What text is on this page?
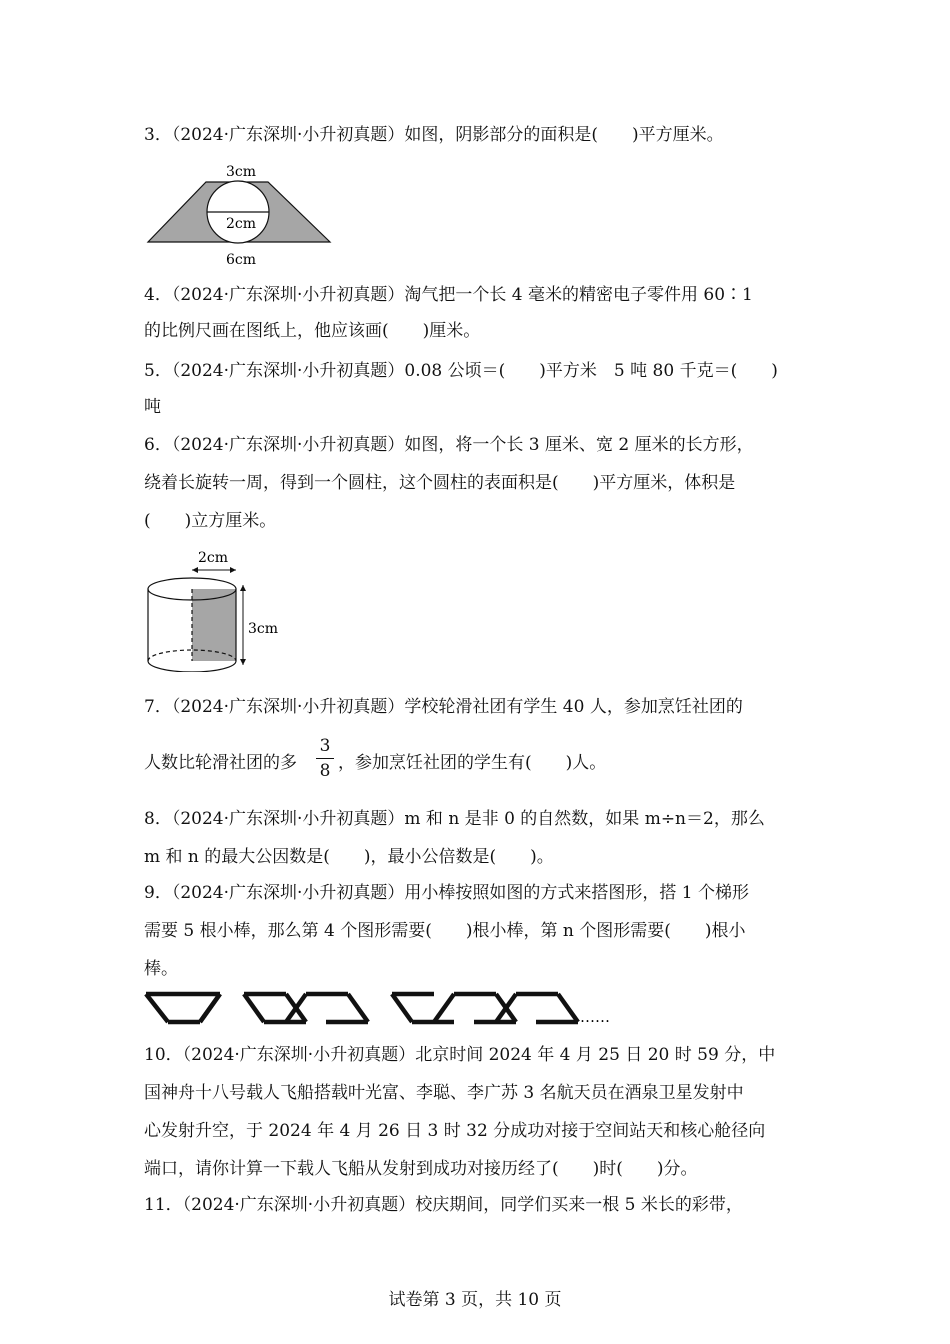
3．（2024·广东深圳·小升初真题）如图，阴影部分的面积是(　　)平方厘米。
3cm
2cm
6cm
4．（2024·广东深圳·小升初真题）淘气把一个长 4 毫米的精密电子零件用 60∶1
的比例尺画在图纸上，他应该画(　　)厘米。
5．（2024·广东深圳·小升初真题）0.08 公顷＝(　　)平方米　5 吨 80 千克＝(　　)
吨
6．（2024·广东深圳·小升初真题）如图，将一个长 3 厘米、宽 2 厘米的长方形，
绕着长旋转一周，得到一个圆柱，这个圆柱的表面积是(　　)平方厘米，体积是
(　　)立方厘米。
2cm
3cm
7．（2024·广东深圳·小升初真题）学校轮滑社团有学生 40 人，参加烹饪社团的
人数比轮滑社团的多
3
8 ，参加烹饪社团的学生有(　　)人。
8．（2024·广东深圳·小升初真题）m 和 n 是非 0 的自然数，如果 m÷n＝2，那么
m 和 n 的最大公因数是(　　)，最小公倍数是(　　)。
9．（2024·广东深圳·小升初真题）用小棒按照如图的方式来搭图形，搭 1 个梯形
需要 5 根小棒，那么第 4 个图形需要(　　)根小棒，第 n 个图形需要(　　)根小
棒。
……
10．（2024·广东深圳·小升初真题）北京时间 2024 年 4 月 25 日 20 时 59 分，中
国神舟十八号载人飞船搭载叶光富、李聪、李广苏 3 名航天员在酒泉卫星发射中
心发射升空，于 2024 年 4 月 26 日 3 时 32 分成功对接于空间站天和核心舱径向
端口，请你计算一下载人飞船从发射到成功对接历经了(　　)时(　　)分。
11．（2024·广东深圳·小升初真题）校庆期间，同学们买来一根 5 米长的彩带，
试卷第 3 页，共 10 页
